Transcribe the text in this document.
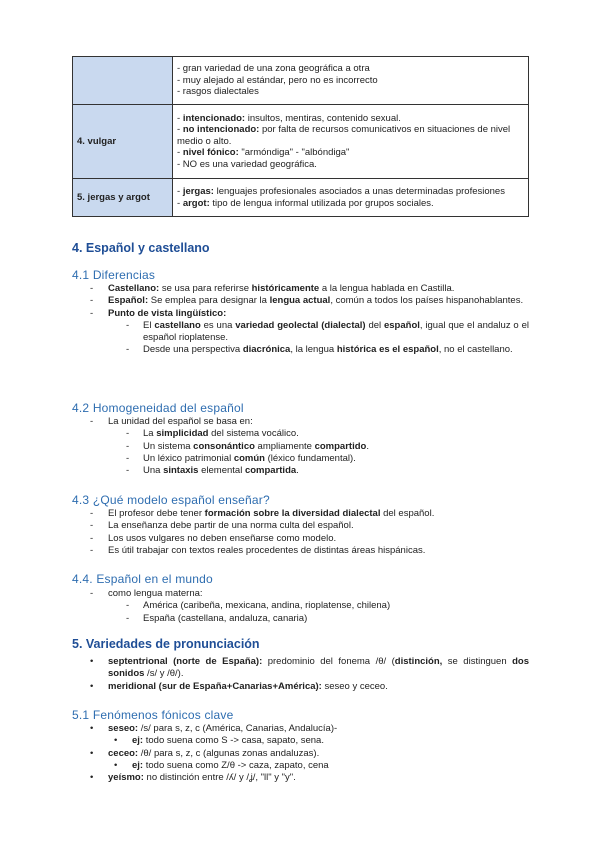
	- gran variedad de una zona geográfica a otra
- muy alejado al estándar, pero no es incorrecto
- rasgos dialectales

4. vulgar	- intencionado: insultos, mentiras, contenido sexual.
- no intencionado: por falta de recursos comunicativos en situaciones de nivel medio o alto.
- nivel fónico: "armóndiga" - "albóndiga"
- NO es una variedad geográfica.

5. jergas y argot	- jergas: lenguajes profesionales asociados a unas determinadas profesiones
- argot: tipo de lengua informal utilizada por grupos sociales.
4. Español y castellano
4.1 Diferencias
- Castellano: se usa para referirse históricamente a la lengua hablada en Castilla.
- Español: Se emplea para designar la lengua actual, común a todos los países hispanohablantes.
- Punto de vista lingüístico:
- El castellano es una variedad geolectal (dialectal) del español, igual que el andaluz o el español rioplatense.
- Desde una perspectiva diacrónica, la lengua histórica es el español, no el castellano.
4.2 Homogeneidad del español
- La unidad del español se basa en:
- La simplicidad del sistema vocálico.
- Un sistema consonántico ampliamente compartido.
- Un léxico patrimonial común (léxico fundamental).
- Una sintaxis elemental compartida.
4.3 ¿Qué modelo español enseñar?
- El profesor debe tener formación sobre la diversidad dialectal del español.
- La enseñanza debe partir de una norma culta del español.
- Los usos vulgares no deben enseñarse como modelo.
- Es útil trabajar con textos reales procedentes de distintas áreas hispánicas.
4.4. Español en el mundo
- como lengua materna:
- América (caribeña, mexicana, andina, rioplatense, chilena)
- España (castellana, andaluza, canaria)
5. Variedades de pronunciación
• septentrional (norte de España): predominio del fonema /θ/ (distinción, se distinguen dos sonidos /s/ y /θ/).
• meridional (sur de España+Canarias+América): seseo y ceceo.
5.1 Fenómenos fónicos clave
• seseo: /s/ para s, z, c (América, Canarias, Andalucía)-
• ej: todo suena como S -> casa, sapato, sena.
• ceceo: /θ/ para s, z, c (algunas zonas andaluzas).
• ej: todo suena como Z/θ -> caza, zapato, cena
• yeísmo: no distinción entre /ʎ/ y /ʝ/, "ll" y "y".
